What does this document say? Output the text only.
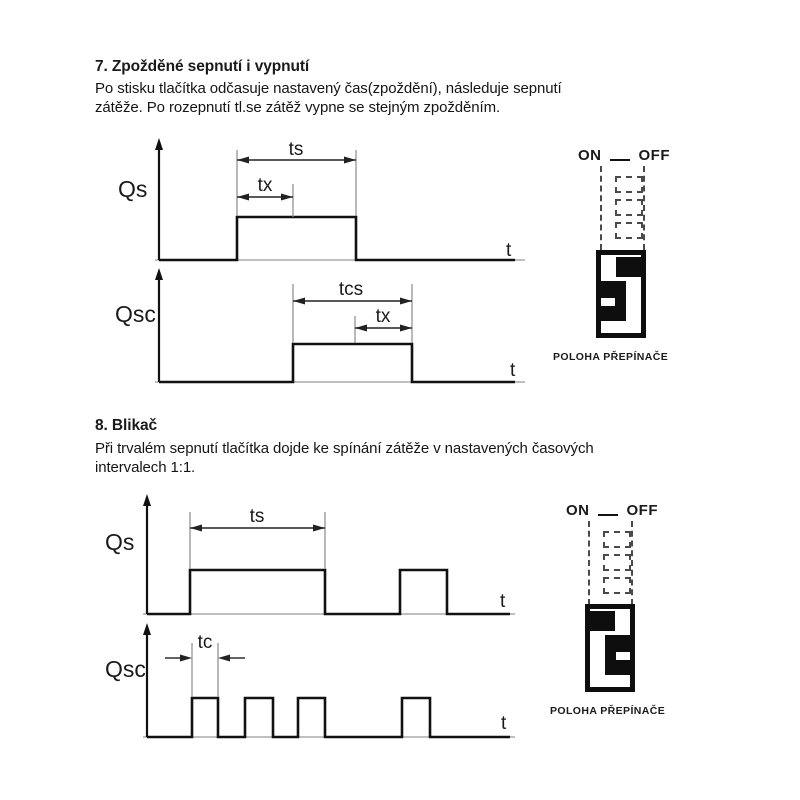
7. Zpožděné sepnutí i vypnutí
Po stisku tlačítka odčasuje nastavený čas(zpoždění), následuje sepnutí
zátěže. Po rozepnutí tl.se zátěž vypne se stejným zpožděním.
ts
tx
Qs
t
tcs
tx
Qsc
t
ON OFF
POLOHA PŘEPÍNAČE
8. Blikač
Při trvalém sepnutí tlačítka dojde ke spínání zátěže v nastavených časových
intervalech 1:1.
ts
Qs
t
tc
Qsc
t
ON OFF
POLOHA PŘEPÍNAČE
